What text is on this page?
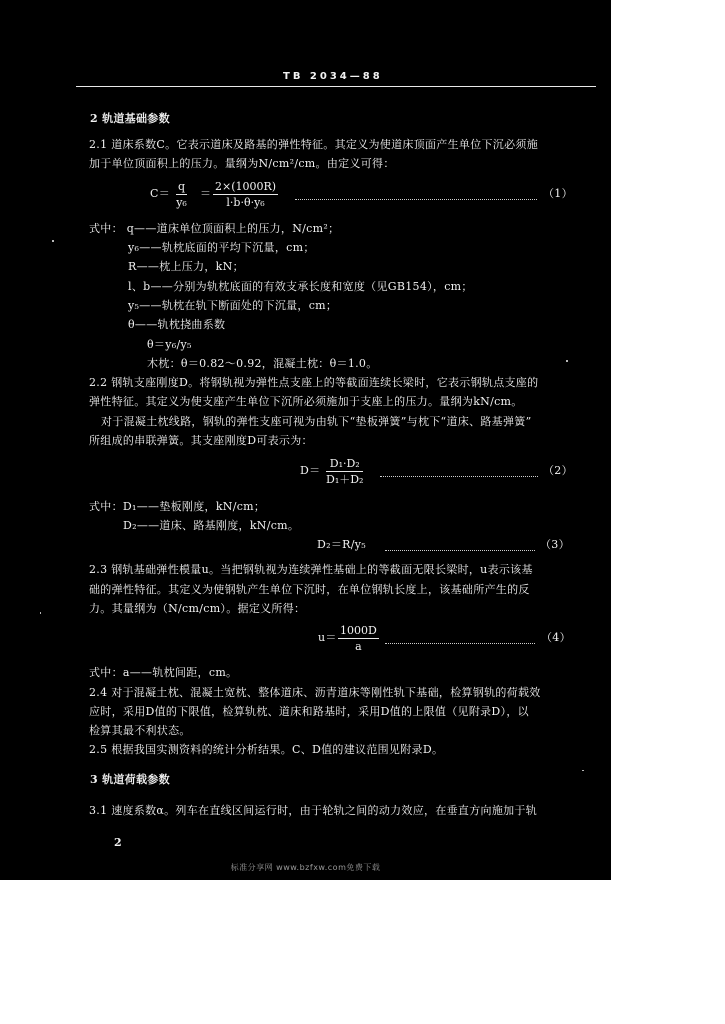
TB 2034—88
2 轨道基础参数
2.1 道床系数C。它表示道床及路基的弹性特征。其定义为使道床顶面产生单位下沉必须施
加于单位顶面积上的压力。量纲为N/cm²/cm。由定义可得：
$C= \frac{q}{\text{y₆}} = \frac{2\times(1000R)}{\text{l·b·θ·y₆}}$	（1）
式中： q——道床单位顶面积上的压力，N/cm²；
y₆——轨枕底面的平均下沉量，cm；
R——枕上压力，kN；
l、b——分别为轨枕底面的有效支承长度和宽度（见GB154），cm；
y₅——轨枕在轨下断面处的下沉量，cm；
θ——轨枕挠曲系数
θ＝y₆/y₅
木枕：θ＝0.82～0.92，混凝土枕：θ＝1.0。
2.2 钢轨支座刚度D。将钢轨视为弹性点支座上的等截面连续长梁时，它表示钢轨点支座的
弹性特征。其定义为使支座产生单位下沉所必须施加于支座上的压力。量纲为kN/cm。
对于混凝土枕线路，钢轨的弹性支座可视为由轨下“垫板弹簧”与枕下“道床、路基弹簧”
所组成的串联弹簧。其支座刚度D可表示为：
$D= \frac{\text{D₁·D₂}}{\text{D₁＋D₂}}$	（2）
式中：D₁——垫板刚度，kN/cm；
D₂——道床、路基刚度，kN/cm。
D₂＝R/y₅	（3）
2.3 钢轨基础弹性模量u。当把钢轨视为连续弹性基础上的等截面无限长梁时，u表示该基
础的弹性特征。其定义为使钢轨产生单位下沉时，在单位钢轨长度上，该基础所产生的反
力。其量纲为（N/cm/cm）。据定义所得：
$u= \frac{1000D}{a}$	（4）
式中：a——轨枕间距，cm。
2.4 对于混凝土枕、混凝土宽枕、整体道床、沥青道床等刚性轨下基础，检算钢轨的荷载效
应时，采用D值的下限值，检算轨枕、道床和路基时，采用D值的上限值（见附录D），以
检算其最不利状态。
2.5 根据我国实测资料的统计分析结果。C、D值的建议范围见附录D。
3 轨道荷载参数
3.1 速度系数α。列车在直线区间运行时，由于轮轨之间的动力效应，在垂直方向施加于轨
2
标准分享网 www.bzfxw.com免费下载
